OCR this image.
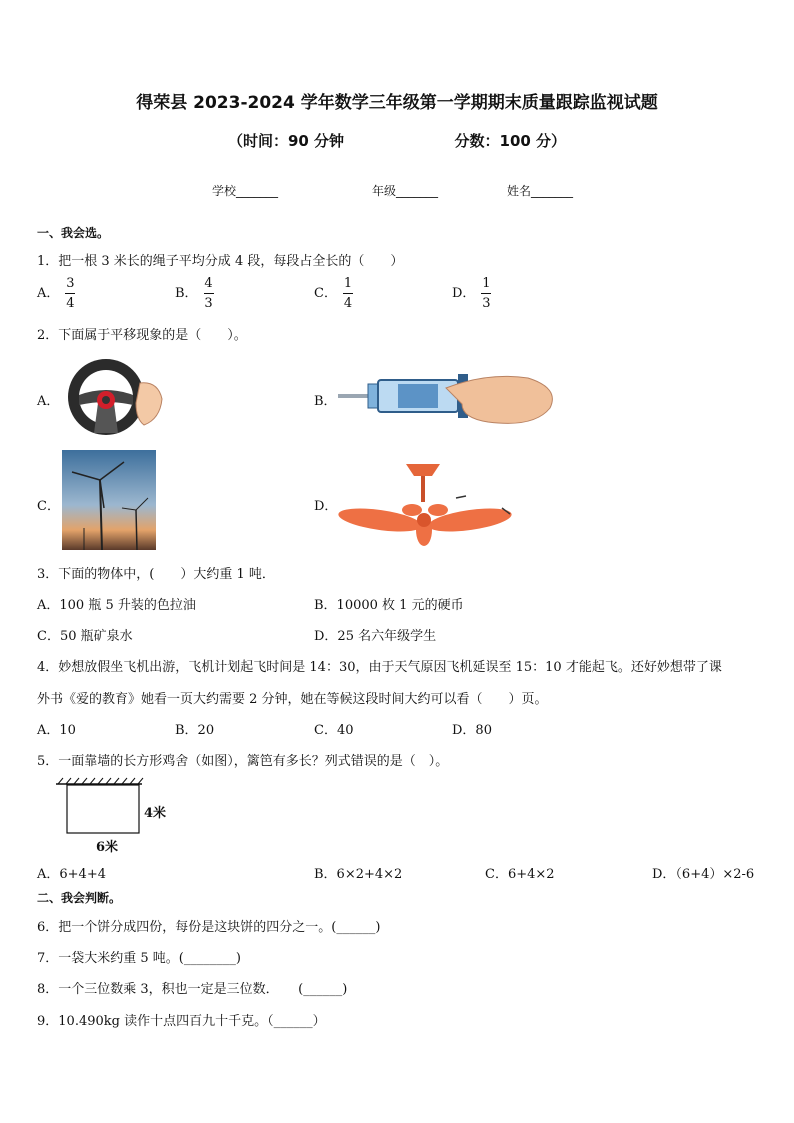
得荣县 2023-2024 学年数学三年级第一学期期末质量跟踪监视试题
（时间：90 分钟	分数：100 分）
学校_______	年级_______	姓名_______
一、我会选。
1．把一根 3 米长的绳子平均分成 4 段，每段占全长的（　　）
A． $\frac{3}{4}$	B． $\frac{4}{3}$	C． $\frac{1}{4}$	D． $\frac{1}{3}$
2．下面属于平移现象的是（　　）。
A．	B．
C．	D．
3．下面的物体中，(　　）大约重 1 吨．
A．100 瓶 5 升装的色拉油	B．10000 枚 1 元的硬币
C．50 瓶矿泉水	D．25 名六年级学生
4．妙想放假坐飞机出游，飞机计划起飞时间是 14：30，由于天气原因飞机延误至 15：10 才能起飞。还好妙想带了课
外书《爱的教育》她看一页大约需要 2 分钟，她在等候这段时间大约可以看（　　）页。
A．10	B．20	C．40	D．80
5．一面靠墙的长方形鸡舍（如图），篱笆有多长？列式错误的是（　）。
4米
6米
A．6+4+4	B．6×2+4×2	C．6+4×2	D．（6+4）×2-6
二、我会判断。
6．把一个饼分成四份，每份是这块饼的四分之一。(______)
7．一袋大米约重 5 吨。(________)
8．一个三位数乘 3，积也一定是三位数．　　(______)
9．10.490kg 读作十点四百九十千克。（______）
